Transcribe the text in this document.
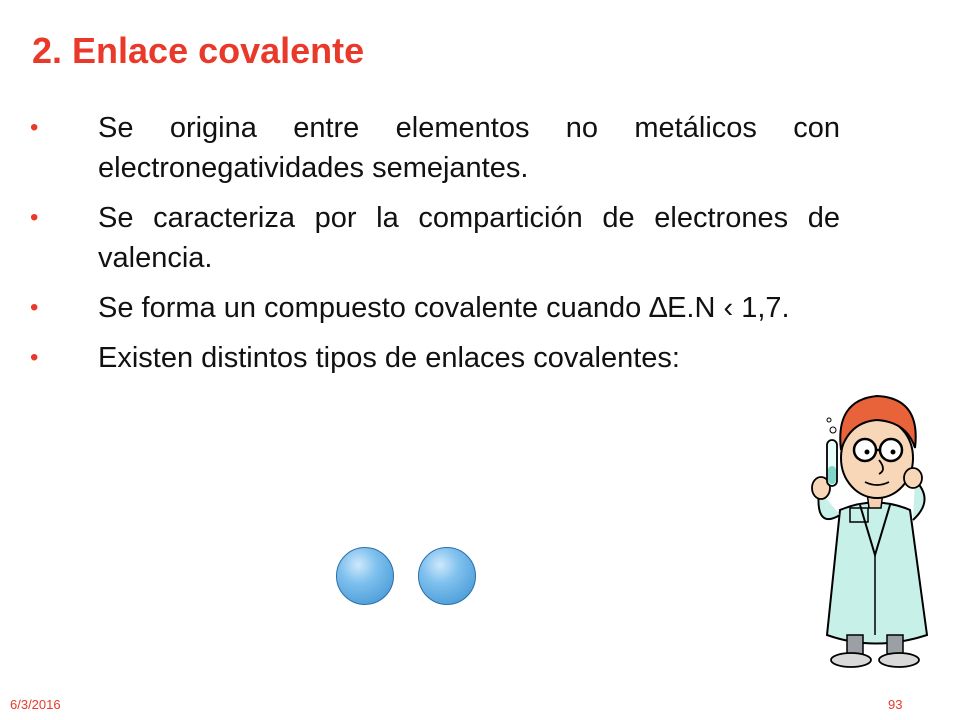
2. Enlace covalente
• Se origina entre elementos no metálicos con electronegatividades semejantes.
• Se caracteriza por la compartición de electrones de valencia.
• Se forma un compuesto covalente cuando ∆E.N ‹ 1,7.
• Existen distintos tipos de enlaces covalentes:
6/3/2016	93
